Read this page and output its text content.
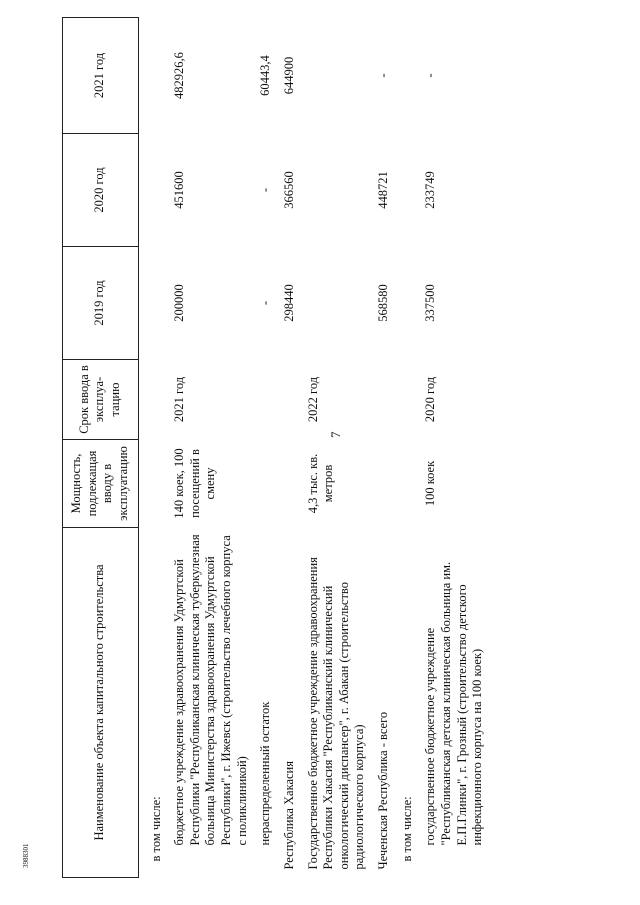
7
3988301
Наименование объекта капитального строительства	Мощность, подлежащая вводу в эксплуатацию	Срок ввода в эксплуа- тацию	2019 год	2020 год	2021 год
в том числе:					
бюджетное учреждение здравоохранения Удмуртской Республики "Республиканская клиническая туберкулезная больница Министерства здравоохранения Удмуртской Республики", г. Ижевск (строительство лечебного корпуса с поликлиникой)	140 коек, 100 посещений в смену	2021 год	200000	451600	482926,6
нераспределенный остаток			-	-	60443,4
Республика Хакасия			298440	366560	644900
Государственное бюджетное учреждение здравоохранения Республики Хакасия "Республиканский клинический онкологический диспансер", г. Абакан (строительство радиологического корпуса)	4,3 тыс. кв. метров	2022 год			
Чеченская Республика - всего			568580	448721	-
в том числе:					
государственное бюджетное учреждение "Республиканская детская клиническая больница им. Е.П.Глинки", г. Грозный (строительство детского инфекционного корпуса на 100 коек)	100 коек	2020 год	337500	233749	-
